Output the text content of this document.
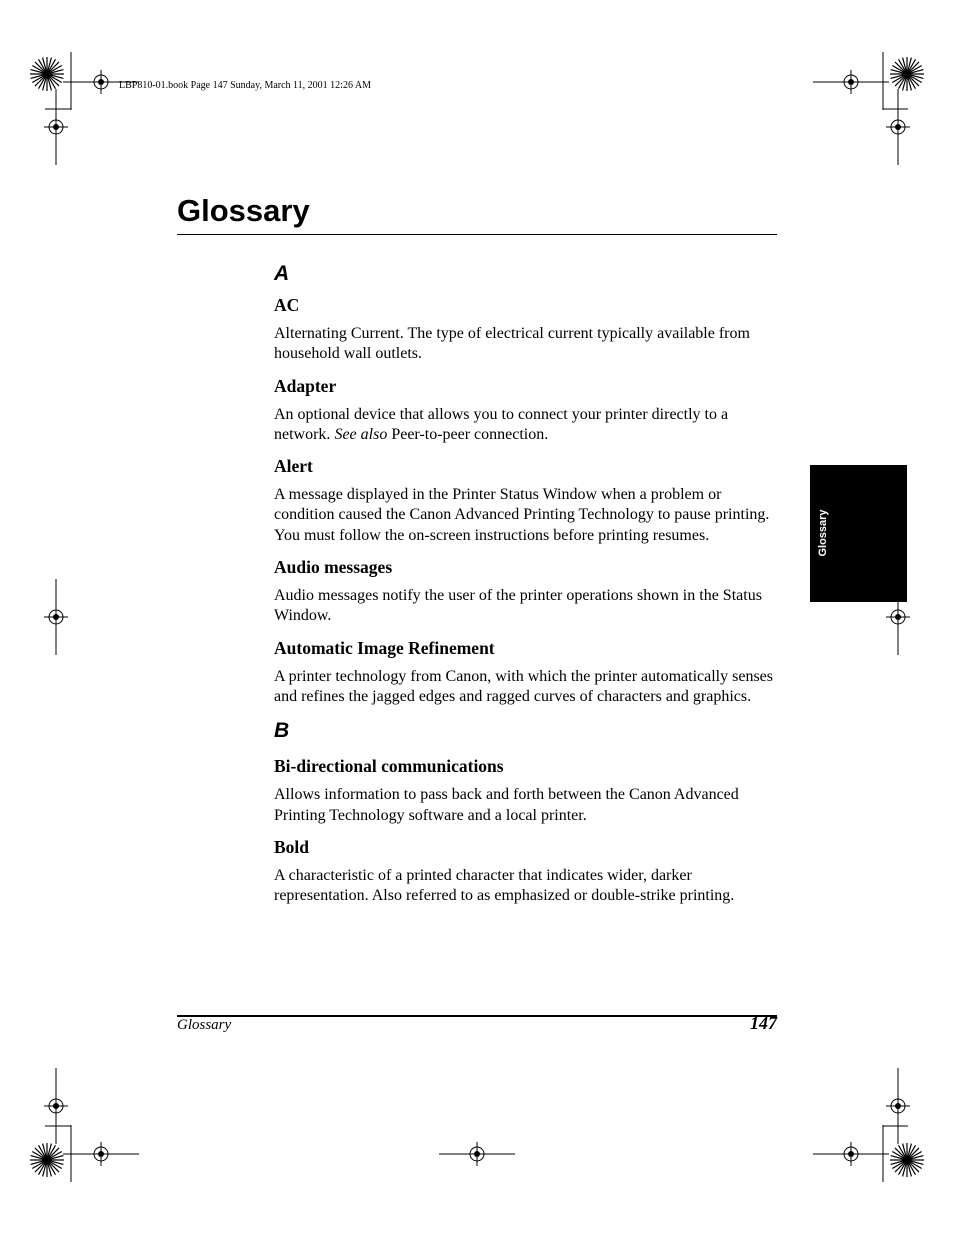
LBP810-01.book Page 147 Sunday, March 11, 2001 12:26 AM
Glossary
A
AC

Alternating Current. The type of electrical current typically available from household wall outlets.

Adapter

An optional device that allows you to connect your printer directly to a network. See also Peer-to-peer connection.

Alert

A message displayed in the Printer Status Window when a problem or condition caused the Canon Advanced Printing Technology to pause printing. You must follow the on-screen instructions before printing resumes.

Audio messages

Audio messages notify the user of the printer operations shown in the Status Window.

Automatic Image Refinement

A printer technology from Canon, with which the printer automatically senses and refines the jagged edges and ragged curves of characters and graphics.

B
Bi-directional communications

Allows information to pass back and forth between the Canon Advanced Printing Technology software and a local printer.

Bold

A characteristic of a printed character that indicates wider, darker representation. Also referred to as emphasized or double-strike printing.

Glossary
Glossary	147
